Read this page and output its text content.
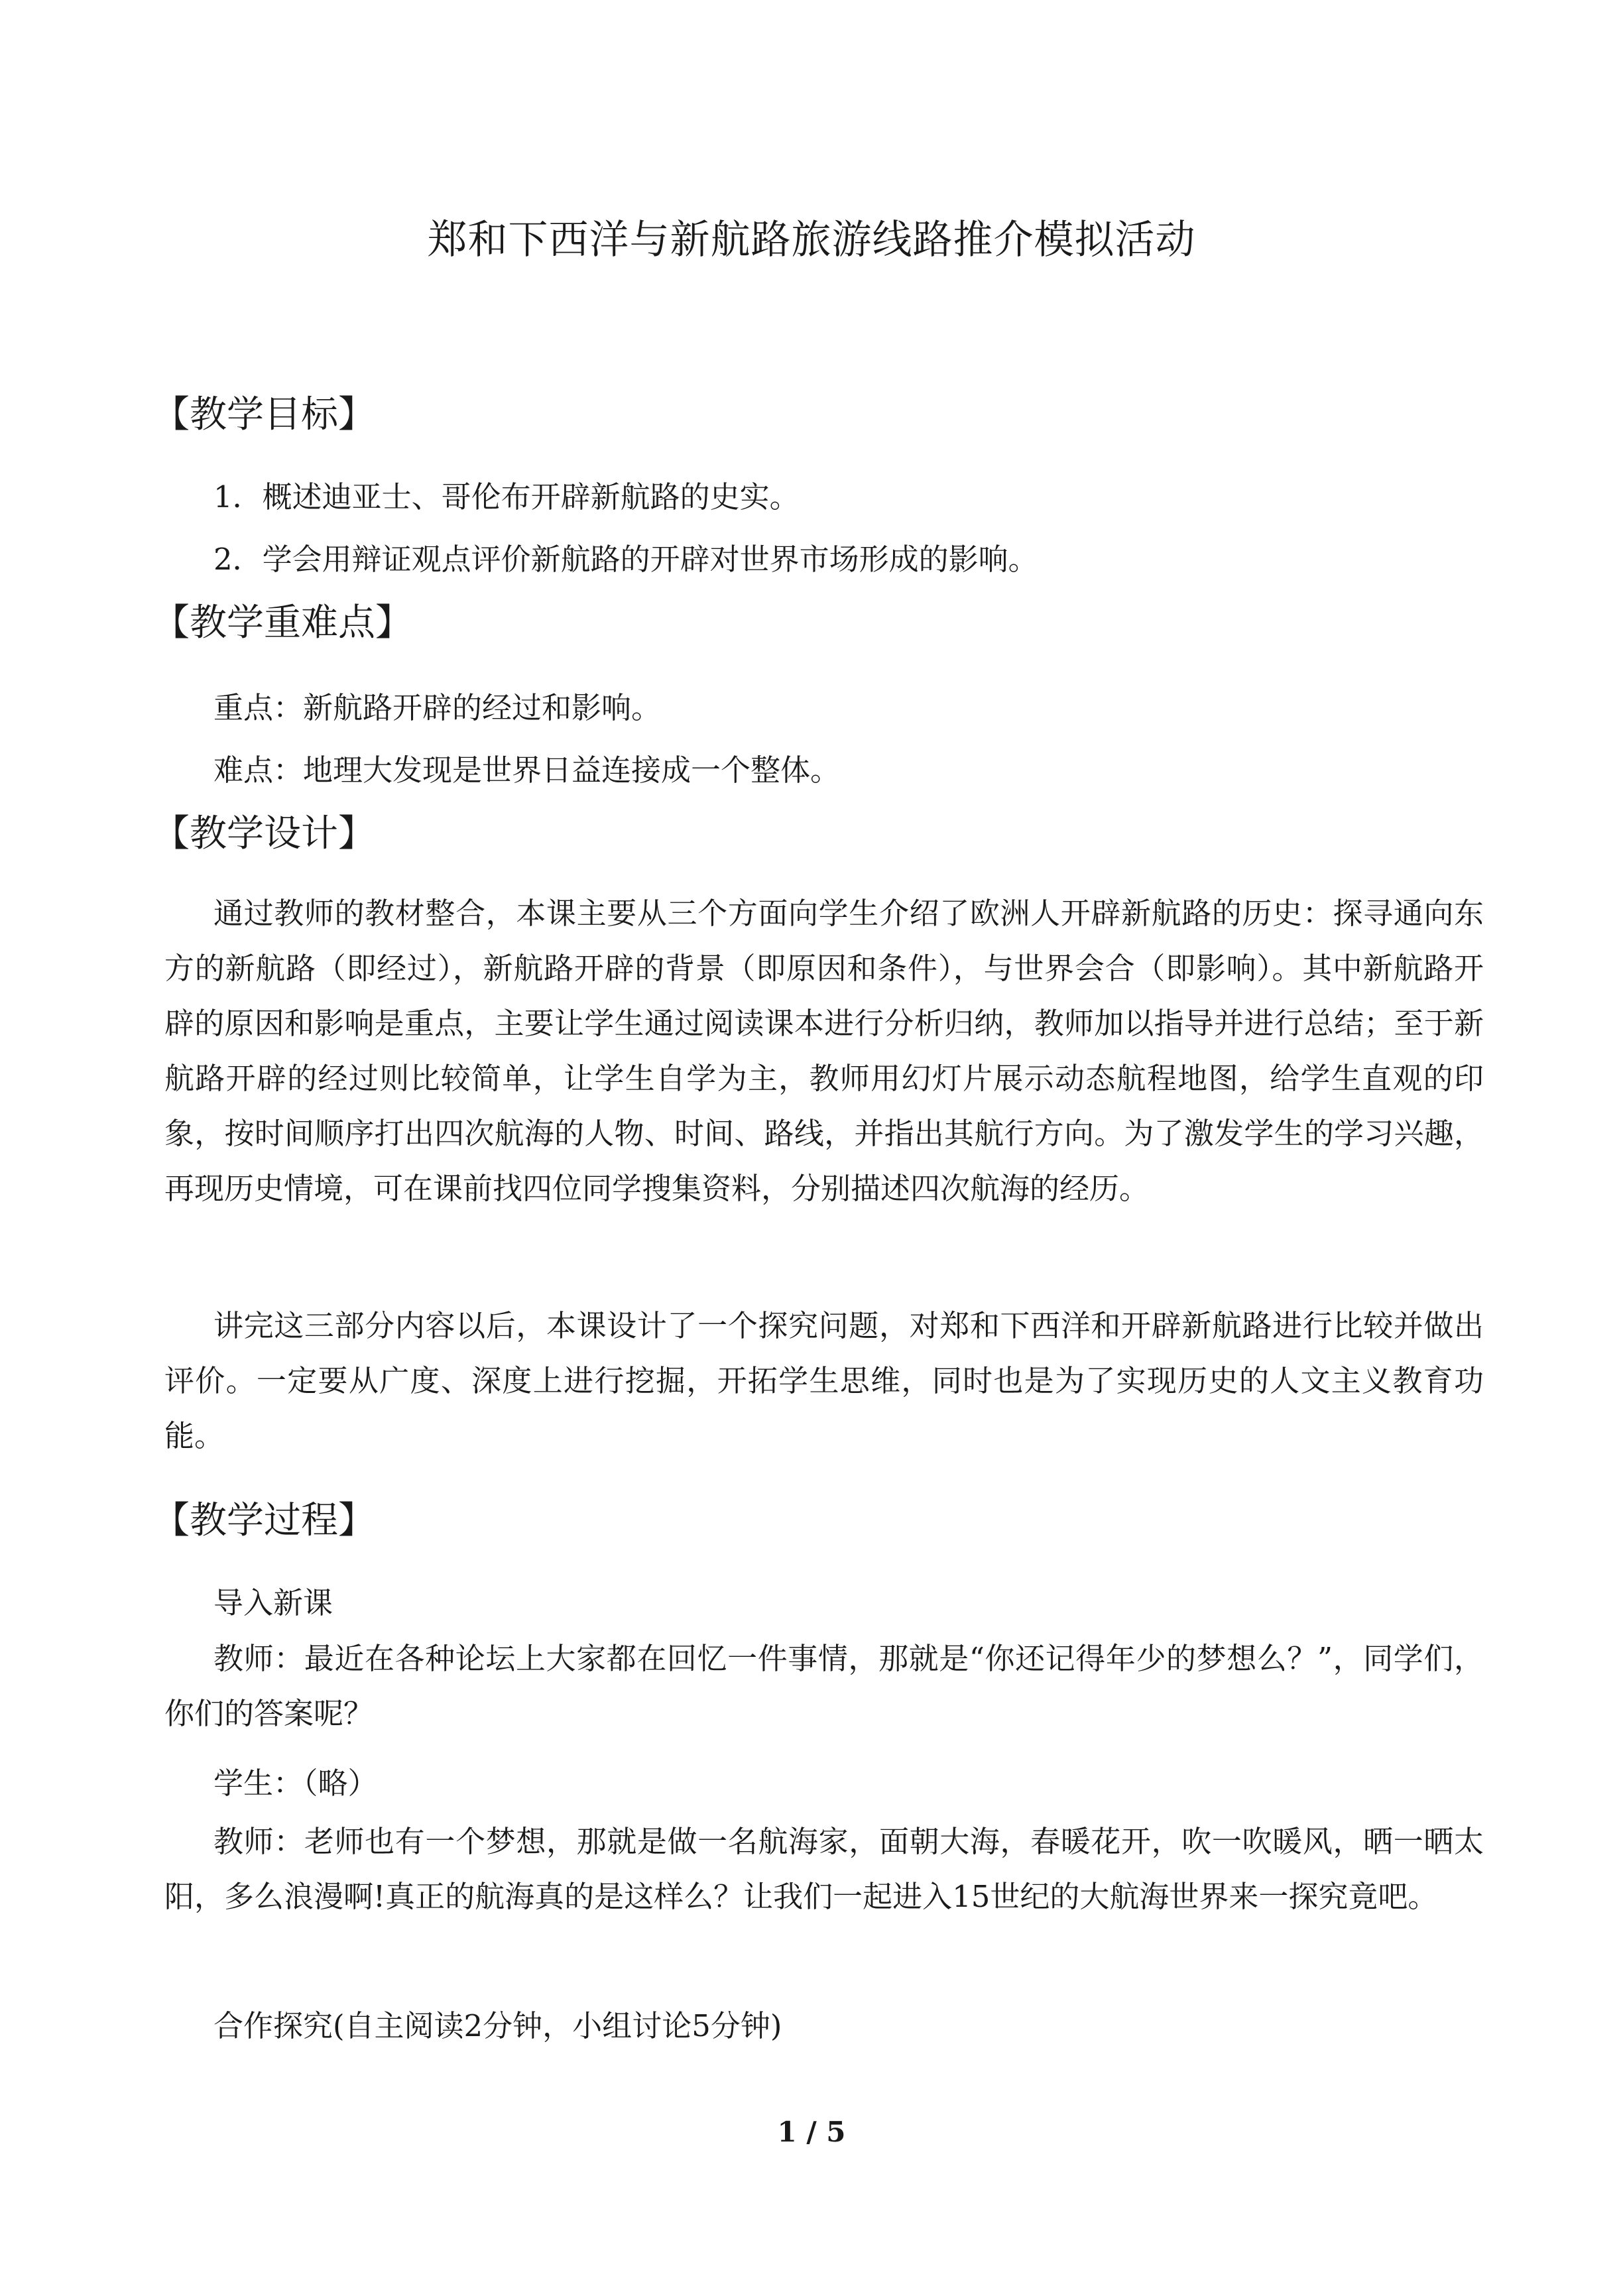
郑和下西洋与新航路旅游线路推介模拟活动
【教学目标】
1．概述迪亚士、哥伦布开辟新航路的史实。
2．学会用辩证观点评价新航路的开辟对世界市场形成的影响。
【教学重难点】
重点：新航路开辟的经过和影响。
难点：地理大发现是世界日益连接成一个整体。
【教学设计】

通过教师的教材整合，本课主要从三个方面向学生介绍了欧洲人开辟新航路的历史：探寻通向东方的新航路（即经过），新航路开辟的背景（即原因和条件），与世界会合（即影响）。其中新航路开辟的原因和影响是重点，主要让学生通过阅读课本进行分析归纳，教师加以指导并进行总结；至于新航路开辟的经过则比较简单，让学生自学为主，教师用幻灯片展示动态航程地图，给学生直观的印象，按时间顺序打出四次航海的人物、时间、路线，并指出其航行方向。为了激发学生的学习兴趣，再现历史情境，可在课前找四位同学搜集资料，分别描述四次航海的经历。

讲完这三部分内容以后，本课设计了一个探究问题，对郑和下西洋和开辟新航路进行比较并做出评价。一定要从广度、深度上进行挖掘，开拓学生思维，同时也是为了实现历史的人文主义教育功能。

【教学过程】
导入新课

教师：最近在各种论坛上大家都在回忆一件事情，那就是“你还记得年少的梦想么？”，同学们，你们的答案呢？

学生：（略）

教师：老师也有一个梦想，那就是做一名航海家，面朝大海，春暖花开，吹一吹暖风，晒一晒太阳，多么浪漫啊!真正的航海真的是这样么？让我们一起进入15世纪的大航海世界来一探究竟吧。

合作探究(自主阅读2分钟，小组讨论5分钟)
1 / 5
